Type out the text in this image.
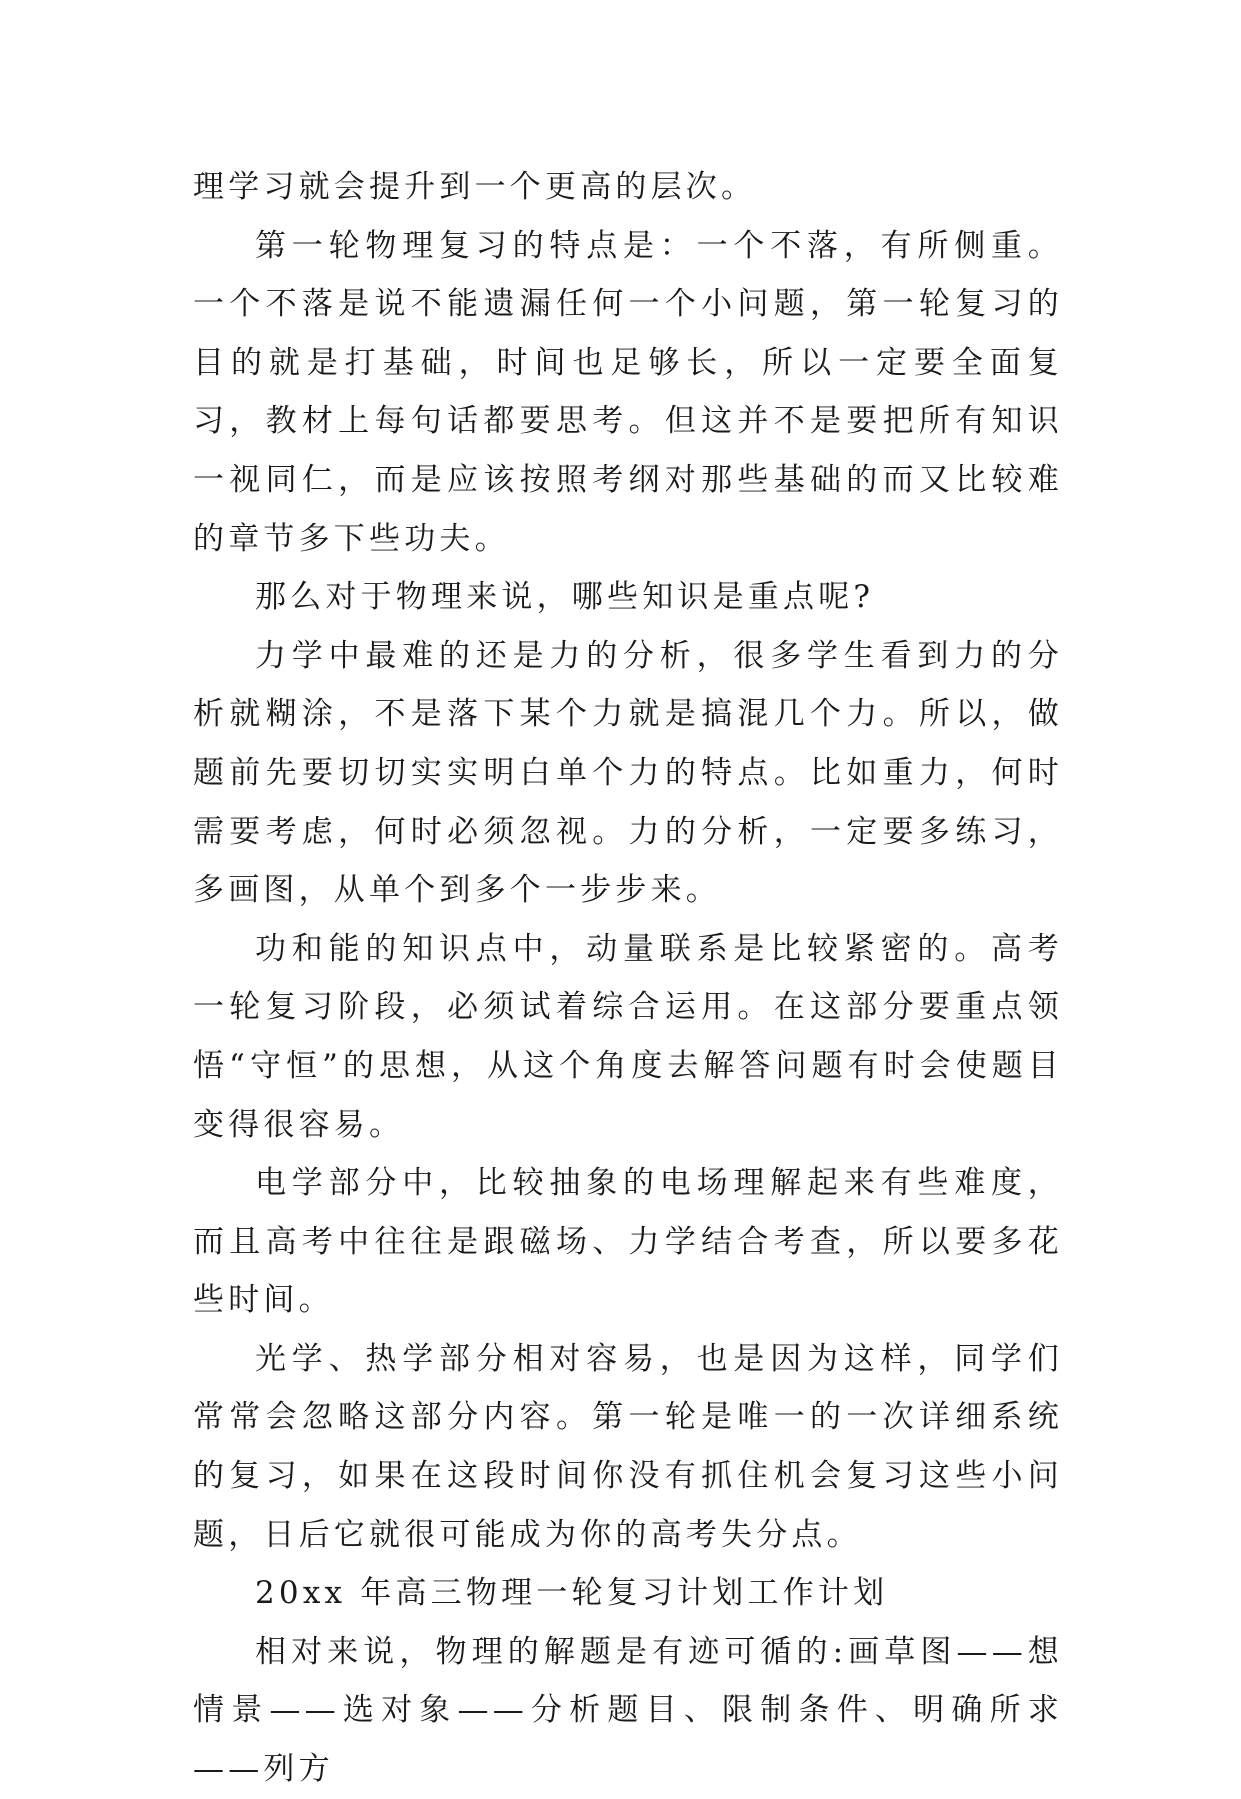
理学习就会提升到一个更高的层次。

第一轮物理复习的特点是：一个不落，有所侧重。一个不落是说不能遗漏任何一个小问题，第一轮复习的目的就是打基础，时间也足够长，所以一定要全面复习，教材上每句话都要思考。但这并不是要把所有知识一视同仁，而是应该按照考纲对那些基础的而又比较难的章节多下些功夫。

那么对于物理来说，哪些知识是重点呢?

力学中最难的还是力的分析，很多学生看到力的分析就糊涂，不是落下某个力就是搞混几个力。所以，做题前先要切切实实明白单个力的特点。比如重力，何时需要考虑，何时必须忽视。力的分析，一定要多练习，多画图，从单个到多个一步步来。

功和能的知识点中，动量联系是比较紧密的。高考一轮复习阶段，必须试着综合运用。在这部分要重点领悟“守恒”的思想，从这个角度去解答问题有时会使题目变得很容易。

电学部分中，比较抽象的电场理解起来有些难度，而且高考中往往是跟磁场、力学结合考查，所以要多花些时间。

光学、热学部分相对容易，也是因为这样，同学们常常会忽略这部分内容。第一轮是唯一的一次详细系统的复习，如果在这段时间你没有抓住机会复习这些小问题，日后它就很可能成为你的高考失分点。

20xx 年高三物理一轮复习计划工作计划

相对来说，物理的解题是有迹可循的:画草图——想情景——选对象——分析题目、限制条件、明确所求——列方
